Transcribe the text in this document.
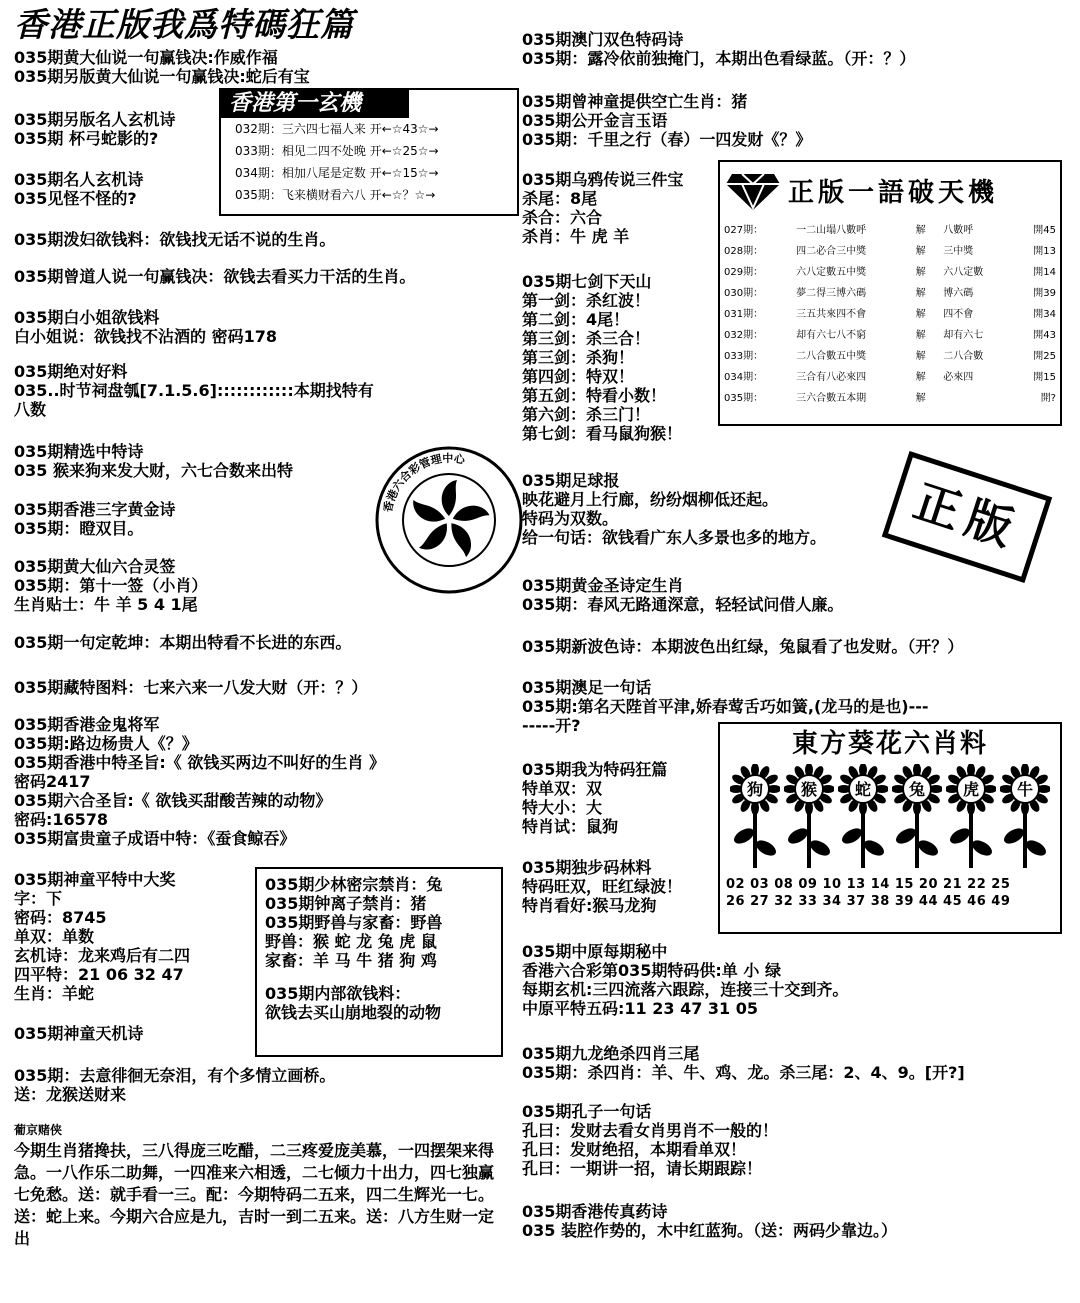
香港正版我爲特碼狂篇
035期黄大仙说一句赢钱决:作威作福
035期另版黄大仙说一句赢钱决:蛇后有宝
035期另版名人玄机诗
035期 杯弓蛇影的?
035期名人玄机诗
035见怪不怪的?
035期泼妇欲钱料：欲钱找无话不说的生肖。
035期曾道人说一句赢钱决：欲钱去看买力干活的生肖。
035期白小姐欲钱料
白小姐说：欲钱找不沾酒的 密码178
035期绝对好料
035..时节祠盘瓠[7.1.5.6]::::::::::::本期找特有
八数
035期精选中特诗
035 猴来狗来发大财，六七合数来出特
035期香港三字黄金诗
035期：瞪双目。
035期黄大仙六合灵签
035期：第十一签（小肖）
生肖贴士：牛 羊 5 4 1尾
035期一句定乾坤：本期出特看不长进的东西。
035期藏特图料：七来六来一八发大财（开：？）
035期香港金鬼将军
035期:路边杨贵人《？》
035期香港中特圣旨:《 欲钱买两边不叫好的生肖 》
密码2417
035期六合圣旨:《 欲钱买甜酸苦辣的动物》
密码:16578
035期富贵童子成语中特：《蚕食鲸吞》
035期神童平特中大奖
字：下
密码：8745
单双：单数
玄机诗：龙来鸡后有二四
四平特：21 06 32 47
生肖：羊蛇
035期神童天机诗
035期：去意徘徊无奈泪，有个多情立画桥。
送：龙猴送财来
葡京赌侠
今期生肖猪搀扶，三八得庞三吃醋，二三疼爱庞美慕，一四摆架来得急。一八作乐二助舞，一四准来六相透，二七倾力十出力，四七独赢七免愁。送：就手看一三。配：今期特码二五来，四二生辉光一七。送：蛇上来。今期六合应是九，吉时一到二五来。送：八方生财一定出
香港第一玄機
032期：三六四七福人来 开←☆43☆→
033期：相见二四不处晚 开←☆25☆→
034期：相加八尾是定数 开←☆15☆→
035期：飞来横财看六八 开←☆？☆→
035期少林密宗禁肖：兔
035期钟离子禁肖：猪
035期野兽与家畜：野兽
野兽：猴 蛇 龙 兔 虎 鼠
家畜：羊 马 牛 猪 狗 鸡
035期内部欲钱料：
欲钱去买山崩地裂的动物
香港六合彩管理中心
035期澳门双色特码诗
035期：露冷依前独掩门，本期出色看绿蓝。（开：？）
035期曾神童提供空亡生肖：猪
035期公开金言玉语
035期：千里之行（春）一四发财《？》
035期乌鸦传说三件宝
杀尾：8尾
杀合：六合
杀肖：牛 虎 羊
035期七剑下天山
第一剑：杀红波！
第二剑：4尾！
第三剑：杀三合！
第三剑：杀狗！
第四剑：特双！
第五剑：特看小数！
第六剑：杀三门！
第七剑：看马鼠狗猴！
035期足球报
映花避月上行廊，纷纷烟柳低还起。
特码为双数。
给一句话：欲钱看广东人多景也多的地方。
035期黄金圣诗定生肖
035期：春风无路通深意，轻轻试问借人廉。
035期新波色诗：本期波色出红绿，兔鼠看了也发财。（开？）
035期澳足一句话
035期:第名天陛首平津,娇春莺舌巧如簧,(龙马的是也)---
-----开?
035期我为特码狂篇
特单双：双
特大小：大
特肖试：鼠狗
035期独步码林料
特码旺双，旺红绿波！
特肖看好:猴马龙狗
035期中原每期秘中
香港六合彩第035期特码供:单 小 绿
每期玄机:三四流落六跟踪，连接三十交到齐。
中原平特五码:11 23 47 31 05
035期九龙绝杀四肖三尾
035期：杀四肖：羊、牛、鸡、龙。杀三尾：2、4、9。[开?]
035期孔子一句话
孔曰：发财去看女肖男肖不一般的！
孔曰：发财绝招，本期看单双！
孔曰：一期讲一招，请长期跟踪！
035期香港传真药诗
035 装腔作势的，木中红蓝狗。（送：两码少靠边。）
正版一語破天機
027期：	一二山塌八數呼	解	八數呼	開45
028期：	四二必合三中獎	解	三中獎	開13
029期：	六八定數五中獎	解	六八定數	開14
030期：	夢二得三博六碼	解	博六碼	開39
031期：	三五共來四不會	解	四不會	開34
032期：	却有六七八不窮	解	却有六七	開43
033期：	二八合數五中獎	解	二八合數	開25
034期：	三合有八必來四	解	必來四	開15
035期：	三六合數五本期	解		開?
正版
東方葵花六肖料
狗 猴 蛇 兔 虎 牛
02 03 08 09 10 13 14 15 20 21 22 25
26 27 32 33 34 37 38 39 44 45 46 49
